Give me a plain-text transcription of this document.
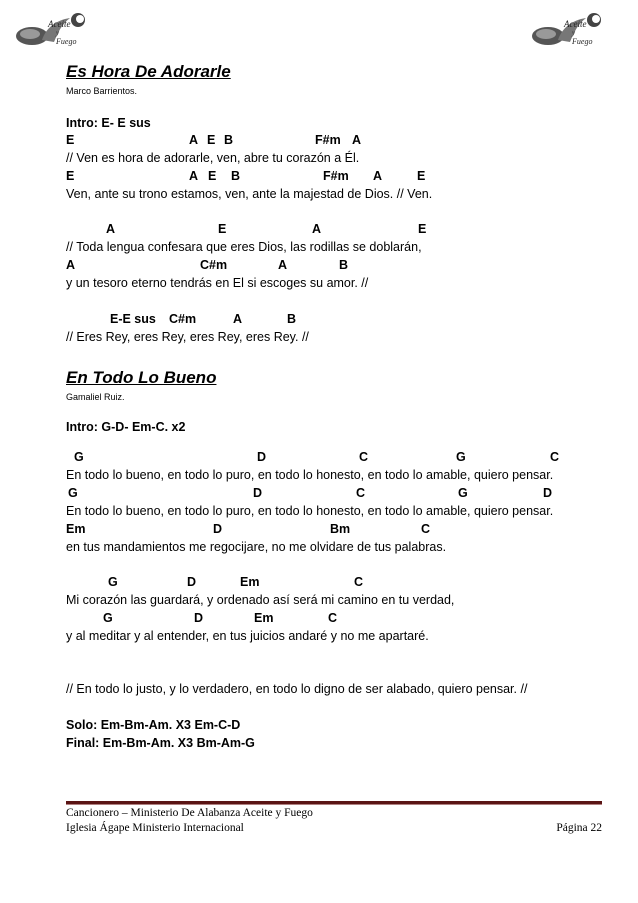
Aceite
y
Fuego
Aceite
y
Fuego
Es Hora De Adorarle
Marco Barrientos.
Intro: E- E sus
E	A E B	F#m A
// Ven es hora de adorarle, ven, abre tu corazón a Él.
E	A E B	F#m A	E
Ven, ante su trono estamos, ven, ante la majestad de Dios. // Ven.
A	E	A	E
// Toda lengua confesara que eres Dios, las rodillas se doblarán,
A	C#m	A	B
y un tesoro eterno tendrás en El si escoges su amor. //
E-E sus C#m	A	B
// Eres Rey, eres Rey, eres Rey, eres Rey. //
En Todo Lo Bueno
Gamaliel Ruiz.
Intro: G-D- Em-C. x2
G	D	C	G	C
En todo lo bueno, en todo lo puro, en todo lo honesto, en todo lo amable, quiero pensar.
G	D	C	G	D
En todo lo bueno, en todo lo puro, en todo lo honesto, en todo lo amable, quiero pensar.
Em	D	Bm	C
en tus mandamientos me regocijare, no me olvidare de tus palabras.
G	D	Em	C
Mi corazón las guardará, y ordenado así será mi camino en tu verdad,
G	D	Em	C
y al meditar y al entender, en tus juicios andaré y no me apartaré.
// En todo lo justo, y lo verdadero, en todo lo digno de ser alabado, quiero pensar. //
Solo: Em-Bm-Am. X3 Em-C-D
Final: Em-Bm-Am. X3 Bm-Am-G
Cancionero – Ministerio De Alabanza Aceite y Fuego
Iglesia Ágape Ministerio Internacional	Página 22
